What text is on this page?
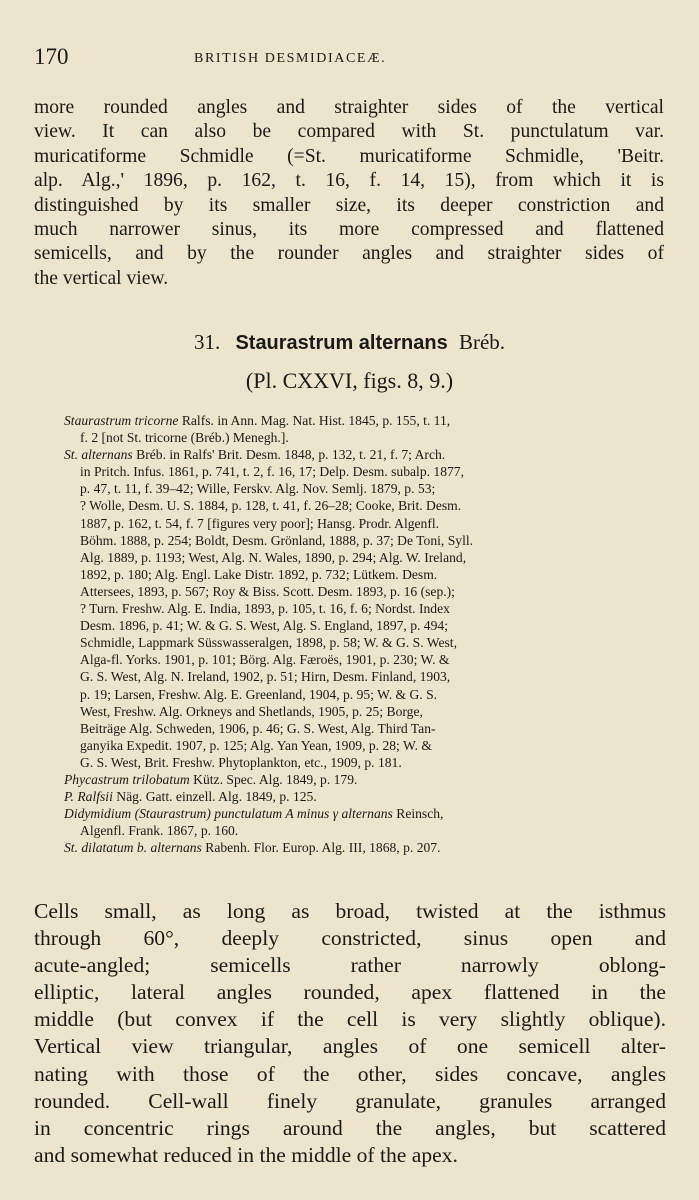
170	BRITISH DESMIDIACEÆ.
more rounded angles and straighter sides of the vertical
view. It can also be compared with St. punctulatum var.
muricatiforme Schmidle (=St. muricatiforme Schmidle, 'Beitr.
alp. Alg.,' 1896, p. 162, t. 16, f. 14, 15), from which it is
distinguished by its smaller size, its deeper constriction and
much narrower sinus, its more compressed and flattened
semicells, and by the rounder angles and straighter sides of
the vertical view.
31. Staurastrum alternans Bréb.
(Pl. CXXVI, figs. 8, 9.)
Staurastrum tricorne Ralfs. in Ann. Mag. Nat. Hist. 1845, p. 155, t. 11,
f. 2 [not St. tricorne (Bréb.) Menegh.].
St. alternans Bréb. in Ralfs' Brit. Desm. 1848, p. 132, t. 21, f. 7; Arch.
in Pritch. Infus. 1861, p. 741, t. 2, f. 16, 17; Delp. Desm. subalp. 1877,
p. 47, t. 11, f. 39–42; Wille, Ferskv. Alg. Nov. Semlj. 1879, p. 53;
? Wolle, Desm. U. S. 1884, p. 128, t. 41, f. 26–28; Cooke, Brit. Desm.
1887, p. 162, t. 54, f. 7 [figures very poor]; Hansg. Prodr. Algenfl.
Böhm. 1888, p. 254; Boldt, Desm. Grönland, 1888, p. 37; De Toni, Syll.
Alg. 1889, p. 1193; West, Alg. N. Wales, 1890, p. 294; Alg. W. Ireland,
1892, p. 180; Alg. Engl. Lake Distr. 1892, p. 732; Lütkem. Desm.
Attersees, 1893, p. 567; Roy & Biss. Scott. Desm. 1893, p. 16 (sep.);
? Turn. Freshw. Alg. E. India, 1893, p. 105, t. 16, f. 6; Nordst. Index
Desm. 1896, p. 41; W. & G. S. West, Alg. S. England, 1897, p. 494;
Schmidle, Lappmark Süsswasseralgen, 1898, p. 58; W. & G. S. West,
Alga-fl. Yorks. 1901, p. 101; Börg. Alg. Færoës, 1901, p. 230; W. &
G. S. West, Alg. N. Ireland, 1902, p. 51; Hirn, Desm. Finland, 1903,
p. 19; Larsen, Freshw. Alg. E. Greenland, 1904, p. 95; W. & G. S.
West, Freshw. Alg. Orkneys and Shetlands, 1905, p. 25; Borge,
Beiträge Alg. Schweden, 1906, p. 46; G. S. West, Alg. Third Tan-
ganyika Expedit. 1907, p. 125; Alg. Yan Yean, 1909, p. 28; W. &
G. S. West, Brit. Freshw. Phytoplankton, etc., 1909, p. 181.
Phycastrum trilobatum Kütz. Spec. Alg. 1849, p. 179.
P. Ralfsii Näg. Gatt. einzell. Alg. 1849, p. 125.
Didymidium (Staurastrum) punctulatum A minus γ alternans Reinsch,
Algenfl. Frank. 1867, p. 160.
St. dilatatum b. alternans Rabenh. Flor. Europ. Alg. III, 1868, p. 207.
Cells small, as long as broad, twisted at the isthmus
through 60°, deeply constricted, sinus open and
acute-angled; semicells rather narrowly oblong-
elliptic, lateral angles rounded, apex flattened in the
middle (but convex if the cell is very slightly oblique).
Vertical view triangular, angles of one semicell alter-
nating with those of the other, sides concave, angles
rounded. Cell-wall finely granulate, granules arranged
in concentric rings around the angles, but scattered
and somewhat reduced in the middle of the apex.
